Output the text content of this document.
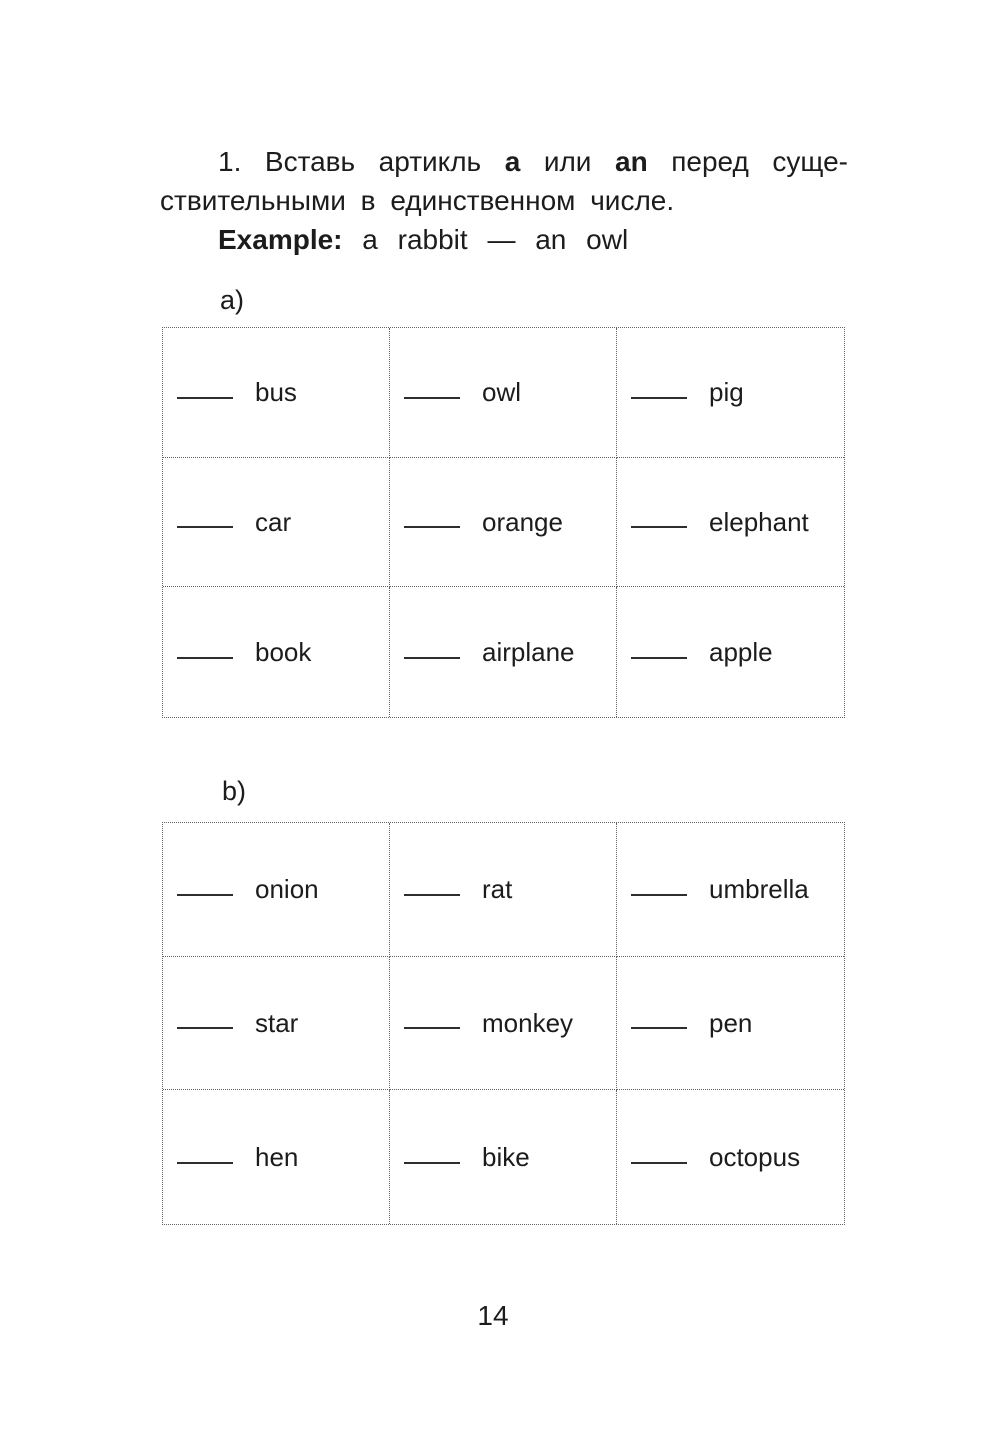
1. Вставь артикль a или an перед суще-
ствительными в единственном числе.
Example: a rabbit — an owl
a)
bus	owl	pig
car	orange	elephant
book	airplane	apple
b)
onion	rat	umbrella
star	monkey	pen
hen	bike	octopus
14
